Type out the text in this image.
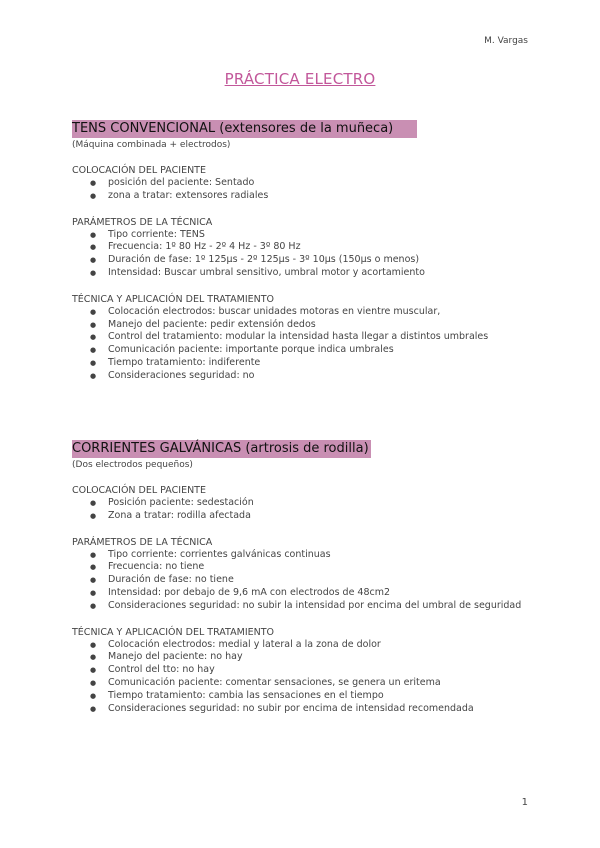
M. Vargas
PRÁCTICA ELECTRO
TENS CONVENCIONAL (extensores de la muñeca)
(Máquina combinada + electrodos)
COLOCACIÓN DEL PACIENTE
● posición del paciente: Sentado
● zona a tratar: extensores radiales
PARÁMETROS DE LA TÉCNICA
● Tipo corriente: TENS
● Frecuencia: 1º 80 Hz - 2º 4 Hz - 3º 80 Hz
● Duración de fase: 1º 125µs - 2º 125µs - 3º 10µs (150µs o menos)
● Intensidad: Buscar umbral sensitivo, umbral motor y acortamiento
TÉCNICA Y APLICACIÓN DEL TRATAMIENTO
● Colocación electrodos: buscar unidades motoras en vientre muscular,
● Manejo del paciente: pedir extensión dedos
● Control del tratamiento: modular la intensidad hasta llegar a distintos umbrales
● Comunicación paciente: importante porque indica umbrales
● Tiempo tratamiento: indiferente
● Consideraciones seguridad: no
CORRIENTES GALVÁNICAS (artrosis de rodilla)
(Dos electrodos pequeños)
COLOCACIÓN DEL PACIENTE
● Posición paciente: sedestación
● Zona a tratar: rodilla afectada
PARÁMETROS DE LA TÉCNICA
● Tipo corriente: corrientes galvánicas continuas
● Frecuencia: no tiene
● Duración de fase: no tiene
● Intensidad: por debajo de 9,6 mA con electrodos de 48cm2
● Consideraciones seguridad: no subir la intensidad por encima del umbral de seguridad
TÉCNICA Y APLICACIÓN DEL TRATAMIENTO
● Colocación electrodos: medial y lateral a la zona de dolor
● Manejo del paciente: no hay
● Control del tto: no hay
● Comunicación paciente: comentar sensaciones, se genera un eritema
● Tiempo tratamiento: cambia las sensaciones en el tiempo
● Consideraciones seguridad: no subir por encima de intensidad recomendada
1
